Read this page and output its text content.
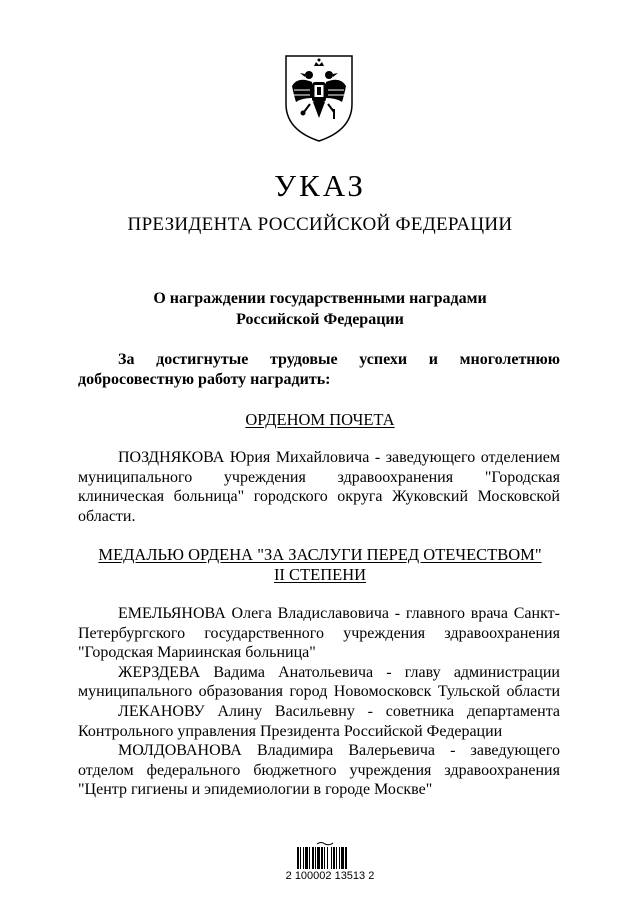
УКАЗ
ПРЕЗИДЕНТА РОССИЙСКОЙ ФЕДЕРАЦИИ
О награждении государственными наградами
Российской Федерации
За достигнутые трудовые успехи и многолетнюю
добросовестную работу наградить:
ОРДЕНОМ ПОЧЕТА
ПОЗДНЯКОВА Юрия Михайловича - заведующего отделением
муниципального учреждения здравоохранения "Городская
клиническая больница" городского округа Жуковский Московской
области.
МЕДАЛЬЮ ОРДЕНА "ЗА ЗАСЛУГИ ПЕРЕД ОТЕЧЕСТВОМ"
II СТЕПЕНИ
ЕМЕЛЬЯНОВА Олега Владиславовича - главного врача Санкт-
Петербургского государственного учреждения здравоохранения
"Городская Мариинская больница"
ЖЕРЗДЕВА Вадима Анатольевича - главу администрации
муниципального образования город Новомосковск Тульской области
ЛЕКАНОВУ Алину Васильевну - советника департамента
Контрольного управления Президента Российской Федерации
МОЛДОВАНОВА Владимира Валерьевича - заведующего
отделом федерального бюджетного учреждения здравоохранения
"Центр гигиены и эпидемиологии в городе Москве"
2 100002 13513 2
